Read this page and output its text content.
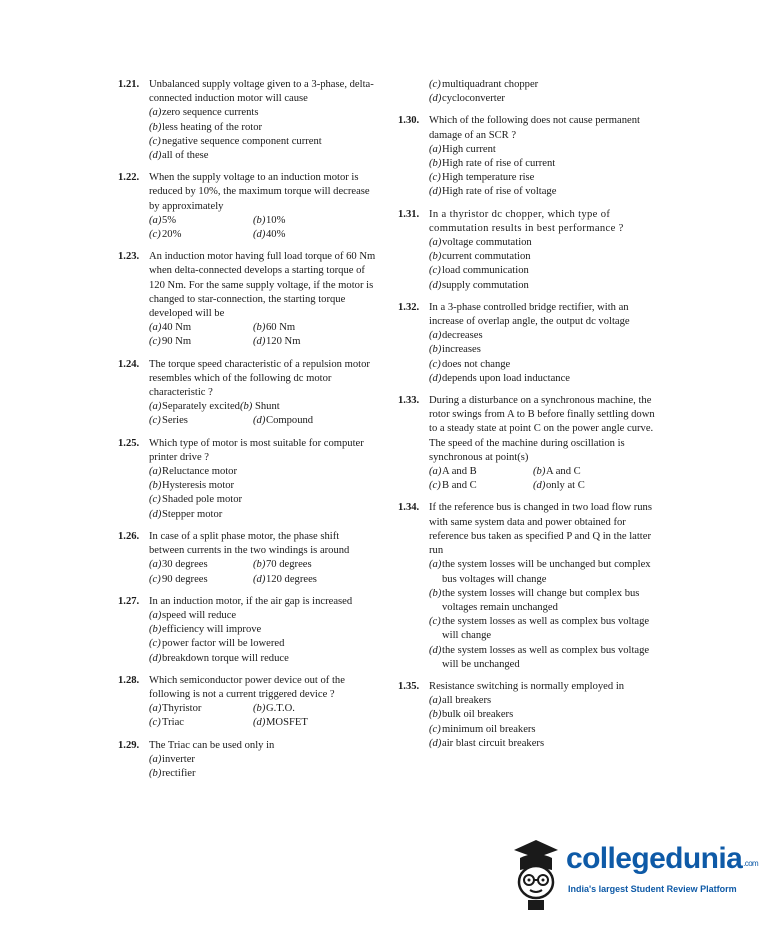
1.21. Unbalanced supply voltage given to a 3-phase, delta-connected induction motor will cause
(a)zero sequence currents
(b)less heating of the rotor
(c)negative sequence component current
(d)all of these
1.22. When the supply voltage to an induction motor is reduced by 10%, the maximum torque will decrease by approximately
(a)5%	(b)10%
(c)20%	(d)40%
1.23. An induction motor having full load torque of 60 Nm when delta-connected develops a starting torque of 120 Nm. For the same supply voltage, if the motor is changed to star-connection, the starting torque developed will be
(a)40 Nm	(b)60 Nm
(c)90 Nm	(d)120 Nm
1.24. The torque speed characteristic of a repulsion motor resembles which of the following dc motor characteristic ?
(a)Separately excited(b) Shunt
(c)Series	(d)Compound
1.25. Which type of motor is most suitable for computer printer drive ?
(a)Reluctance motor
(b)Hysteresis motor
(c)Shaded pole motor
(d)Stepper motor
1.26. In case of a split phase motor, the phase shift between currents in the two windings is around
(a)30 degrees	(b)70 degrees
(c)90 degrees	(d)120 degrees
1.27. In an induction motor, if the air gap is increased
(a)speed will reduce
(b)efficiency will improve
(c)power factor will be lowered
(d)breakdown torque will reduce
1.28. Which semiconductor power device out of the following is not a current triggered device ?
(a)Thyristor	(b)G.T.O.
(c)Triac	(d)MOSFET
1.29. The Triac can be used only in
(a)inverter
(b)rectifier
(c)multiquadrant chopper
(d)cycloconverter
1.30. Which of the following does not cause permanent damage of an SCR ?
(a)High current
(b)High rate of rise of current
(c)High temperature rise
(d)High rate of rise of voltage
1.31. In a thyristor dc chopper, which type of commutation results in best performance ?
(a)voltage commutation
(b)current commutation
(c)load communication
(d)supply commutation
1.32. In a 3-phase controlled bridge rectifier, with an increase of overlap angle, the output dc voltage
(a)decreases
(b)increases
(c)does not change
(d)depends upon load inductance
1.33. During a disturbance on a synchronous machine, the rotor swings from A to B before finally settling down to a steady state at point C on the power angle curve. The speed of the machine during oscillation is synchronous at point(s)
(a)A and B	(b)A and C
(c)B and C	(d)only at C
1.34. If the reference bus is changed in two load flow runs with same system data and power obtained for reference bus taken as specified P and Q in the latter run
(a) the system losses will be unchanged but complex bus voltages will change
(b) the system losses will change but complex bus voltages remain unchanged
(c) the system losses as well as complex bus voltage will change
(d) the system losses as well as complex bus voltage will be unchanged
1.35. Resistance switching is normally employed in
(a)all breakers
(b)bulk oil breakers
(c)minimum oil breakers
(d)air blast circuit breakers
collegedunia.com
India's largest Student Review Platform
